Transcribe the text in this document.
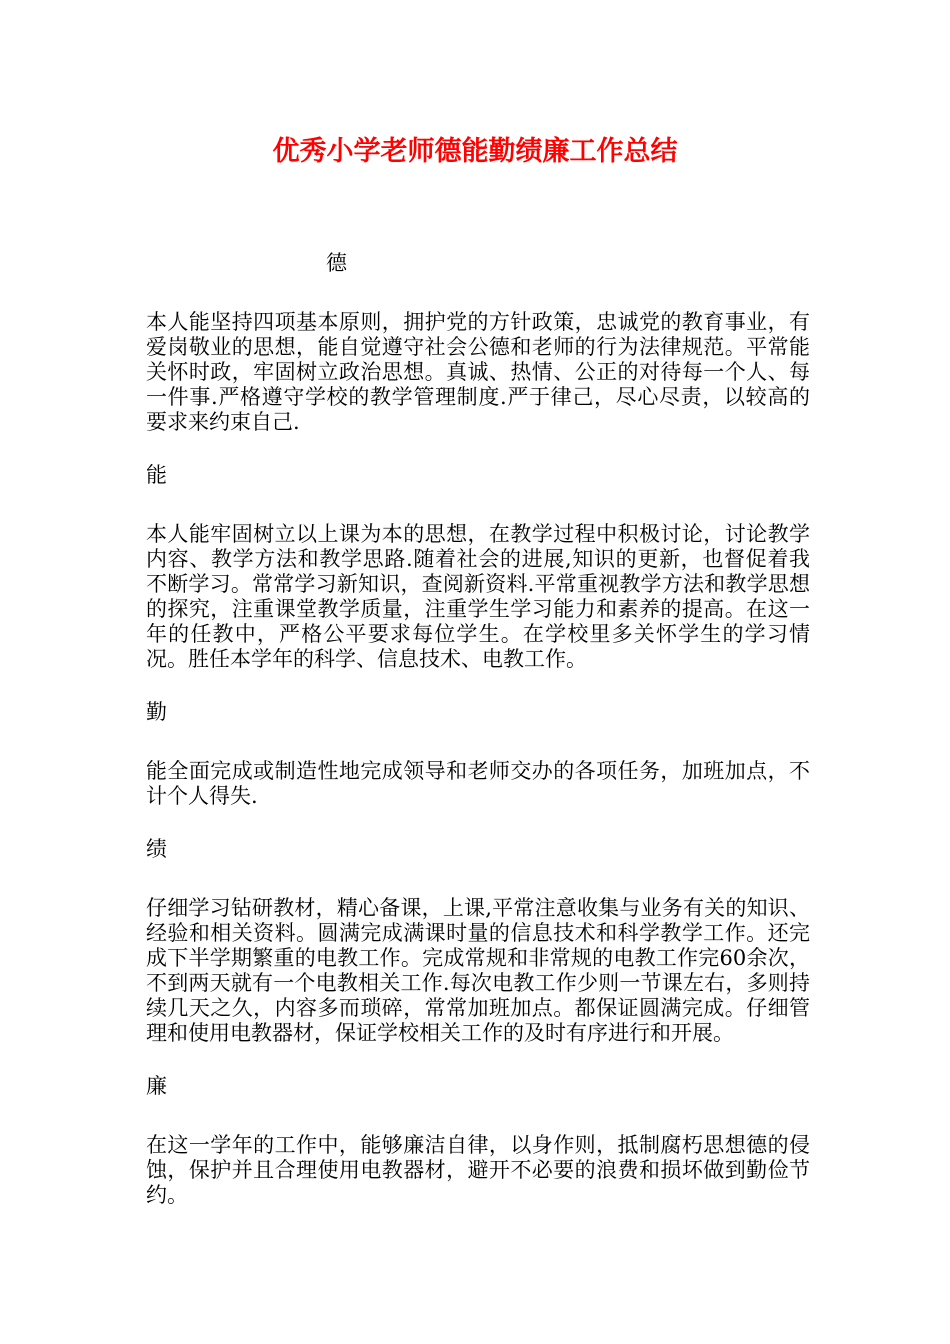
优秀小学老师德能勤绩廉工作总结

德

本人能坚持四项基本原则，拥护党的方针政策，忠诚党的教育事业，有爱岗敬业的思想，能自觉遵守社会公德和老师的行为法律规范。平常能关怀时政，牢固树立政治思想。真诚、热情、公正的对待每一个人、每一件事.严格遵守学校的教学管理制度.严于律己，尽心尽责，以较高的要求来约束自己.

能

本人能牢固树立以上课为本的思想，在教学过程中积极讨论，讨论教学内容、教学方法和教学思路.随着社会的进展,知识的更新，也督促着我不断学习。常常学习新知识，查阅新资料.平常重视教学方法和教学思想的探究，注重课堂教学质量，注重学生学习能力和素养的提高。在这一年的任教中，严格公平要求每位学生。在学校里多关怀学生的学习情况。胜任本学年的科学、信息技术、电教工作。

勤

能全面完成或制造性地完成领导和老师交办的各项任务，加班加点，不计个人得失.

绩

仔细学习钻研教材，精心备课，上课,平常注意收集与业务有关的知识、经验和相关资料。圆满完成满课时量的信息技术和科学教学工作。还完成下半学期繁重的电教工作。完成常规和非常规的电教工作完60余次，不到两天就有一个电教相关工作.每次电教工作少则一节课左右，多则持续几天之久，内容多而琐碎，常常加班加点。都保证圆满完成。仔细管理和使用电教器材，保证学校相关工作的及时有序进行和开展。

廉

在这一学年的工作中，能够廉洁自律，以身作则，抵制腐朽思想德的侵蚀，保护并且合理使用电教器材，避开不必要的浪费和损坏做到勤俭节约。
